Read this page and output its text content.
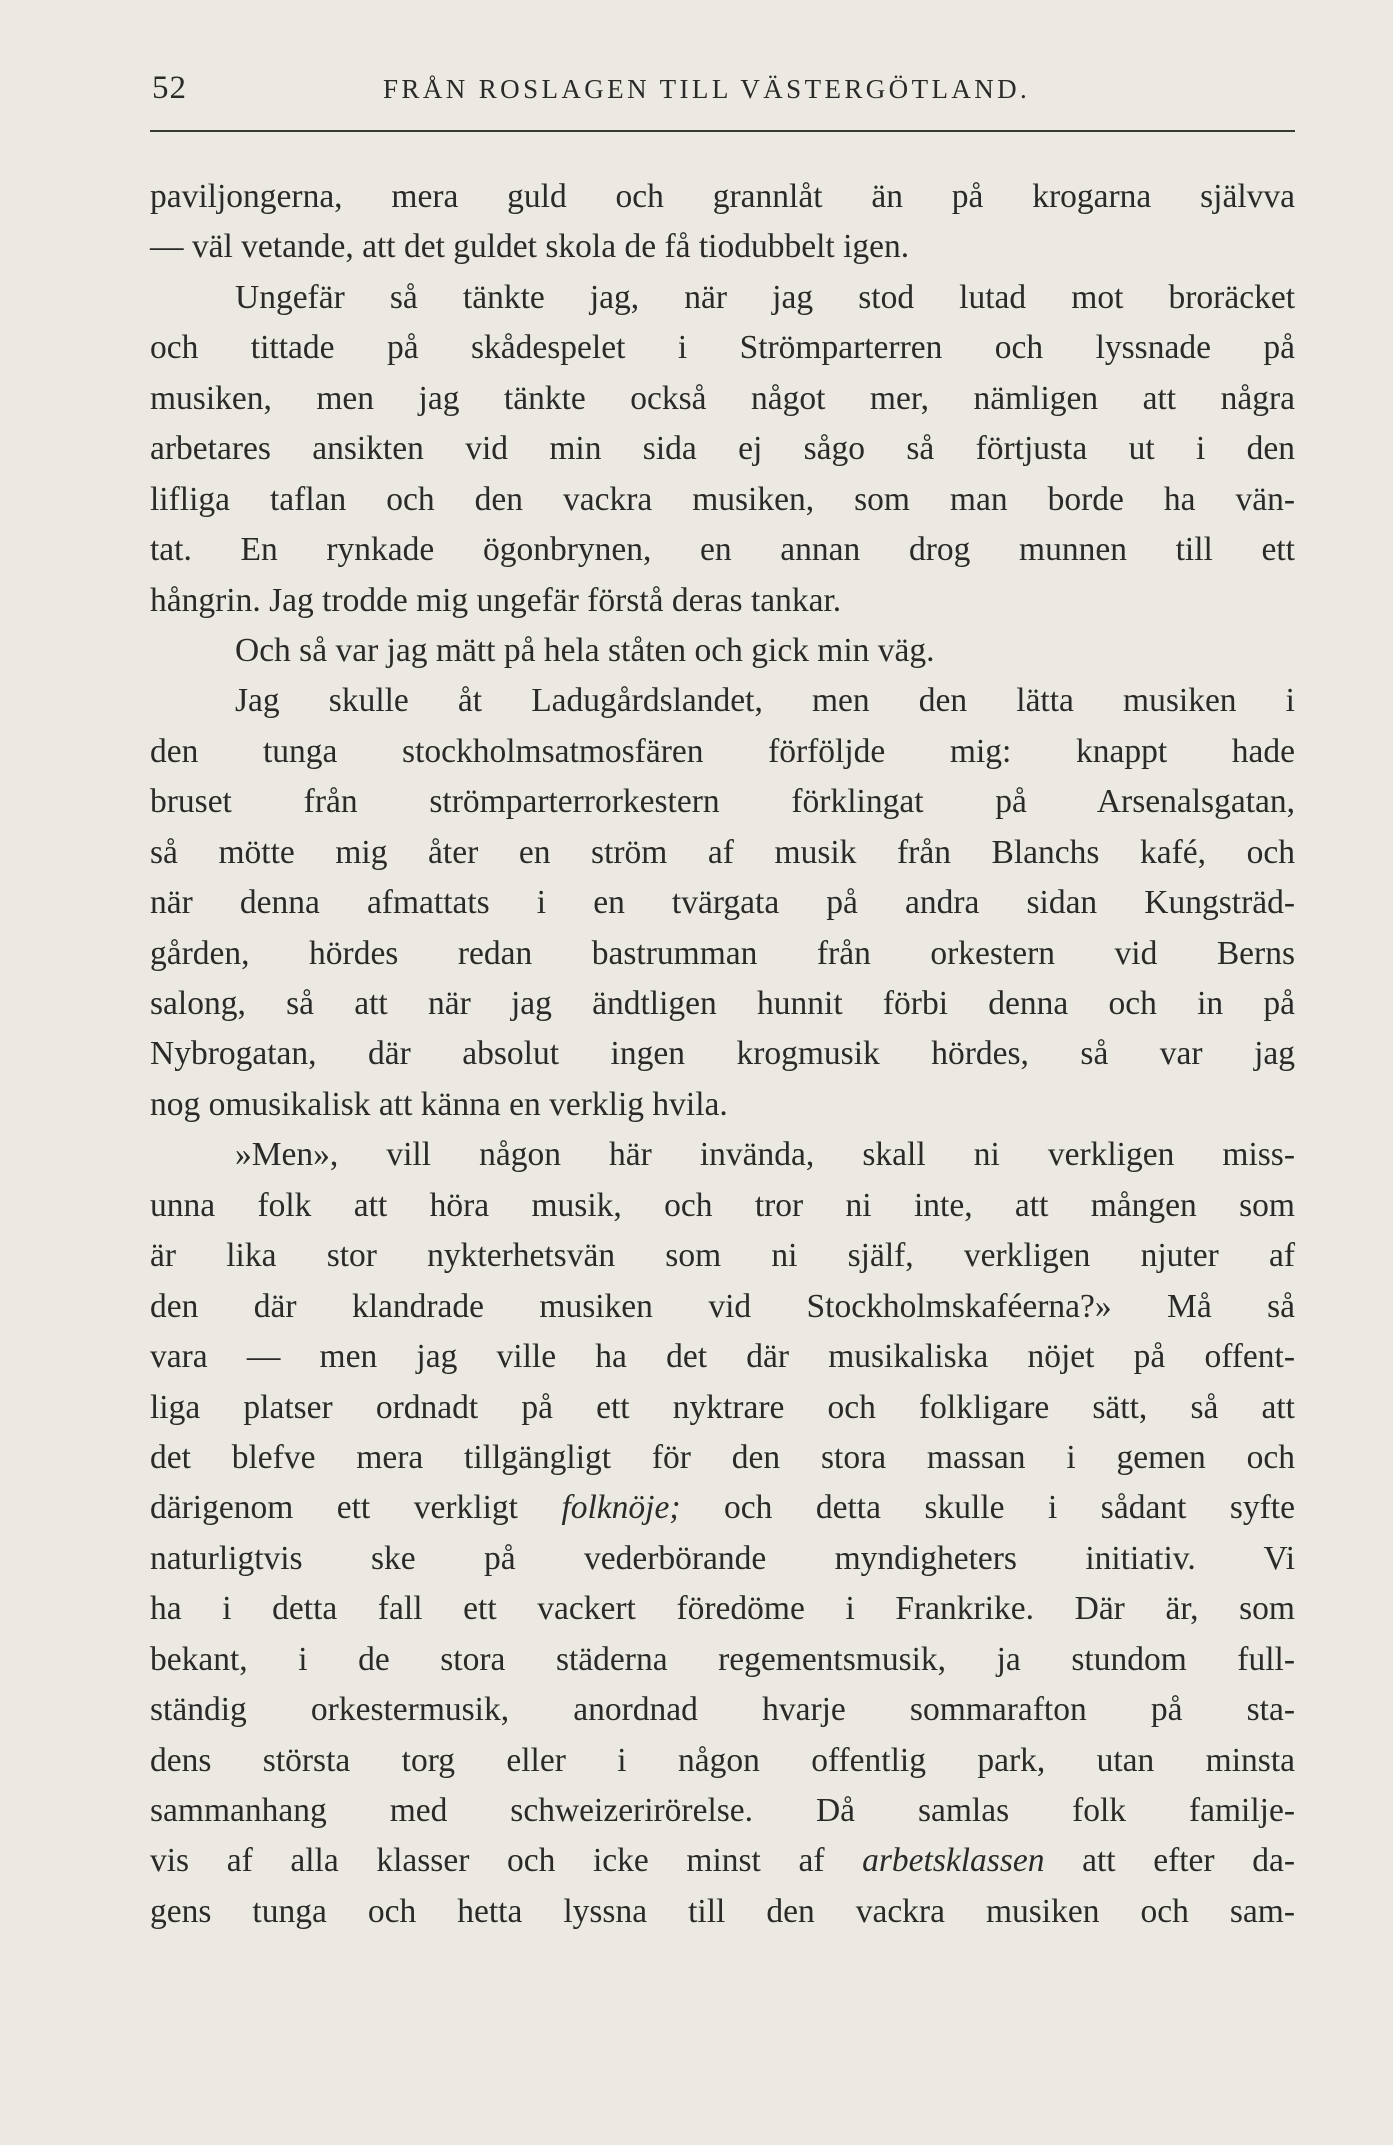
52	FRÅN ROSLAGEN TILL VÄSTERGÖTLAND.
paviljongerna, mera guld och grannlåt än på krogarna självva
— väl vetande, att det guldet skola de få tiodubbelt igen.
Ungefär så tänkte jag, när jag stod lutad mot broräcket
och tittade på skådespelet i Strömparterren och lyssnade på
musiken, men jag tänkte också något mer, nämligen att några
arbetares ansikten vid min sida ej sågo så förtjusta ut i den
lifliga taflan och den vackra musiken, som man borde ha vän-
tat. En rynkade ögonbrynen, en annan drog munnen till ett
hångrin. Jag trodde mig ungefär förstå deras tankar.
Och så var jag mätt på hela ståten och gick min väg.
Jag skulle åt Ladugårdslandet, men den lätta musiken i
den tunga stockholmsatmosfären förföljde mig: knappt hade
bruset från strömparterrorkestern förklingat på Arsenalsgatan,
så mötte mig åter en ström af musik från Blanchs kafé, och
när denna afmattats i en tvärgata på andra sidan Kungsträd-
gården, hördes redan bastrumman från orkestern vid Berns
salong, så att när jag ändtligen hunnit förbi denna och in på
Nybrogatan, där absolut ingen krogmusik hördes, så var jag
nog omusikalisk att känna en verklig hvila.
»Men», vill någon här invända, skall ni verkligen miss-
unna folk att höra musik, och tror ni inte, att mången som
är lika stor nykterhetsvän som ni själf, verkligen njuter af
den där klandrade musiken vid Stockholmskaféerna?» Må så
vara — men jag ville ha det där musikaliska nöjet på offent-
liga platser ordnadt på ett nyktrare och folkligare sätt, så att
det blefve mera tillgängligt för den stora massan i gemen och
därigenom ett verkligt folknöje; och detta skulle i sådant syfte
naturligtvis ske på vederbörande myndigheters initiativ. Vi
ha i detta fall ett vackert föredöme i Frankrike. Där är, som
bekant, i de stora städerna regementsmusik, ja stundom full-
ständig orkestermusik, anordnad hvarje sommarafton på sta-
dens största torg eller i någon offentlig park, utan minsta
sammanhang med schweizerirörelse. Då samlas folk familje-
vis af alla klasser och icke minst af arbetsklassen att efter da-
gens tunga och hetta lyssna till den vackra musiken och sam-
